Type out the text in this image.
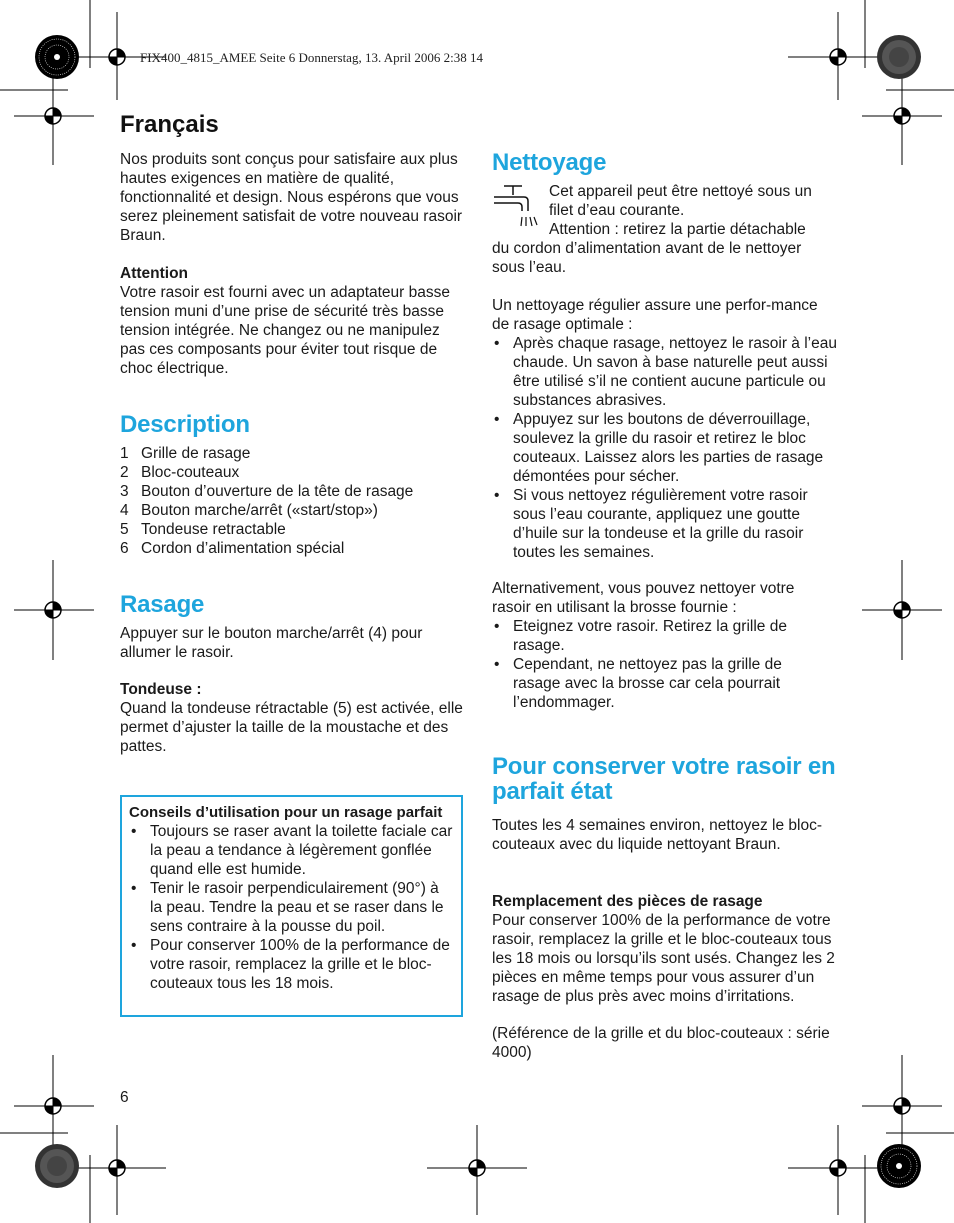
FIX400_4815_AMEE Seite 6 Donnerstag, 13. April 2006 2:38 14
Français

Nos produits sont conçus pour satisfaire aux plus hautes exigences en matière de qualité, fonctionnalité et design. Nous espérons que vous serez pleinement satisfait de votre nouveau rasoir Braun.

Attention

Votre rasoir est fourni avec un adaptateur basse tension muni d’une prise de sécurité très basse tension intégrée. Ne changez ou ne manipulez pas ces composants pour éviter tout risque de choc électrique.

Description
1 Grille de rasage
2 Bloc-couteaux
3 Bouton d’ouverture de la tête de rasage
4 Bouton marche/arrêt («start/stop»)
5 Tondeuse retractable
6 Cordon d’alimentation spécial
Rasage

Appuyer sur le bouton marche/arrêt (4) pour allumer le rasoir.

Tondeuse :

Quand la tondeuse rétractable (5) est activée, elle permet d’ajuster la taille de la moustache et des pattes.

Conseils d’utilisation pour un rasage parfait

• Toujours se raser avant la toilette faciale car la peau a tendance à légèrement gonflée quand elle est humide.
• Tenir le rasoir perpendiculairement (90°) à la peau. Tendre la peau et se raser dans le sens contraire à la pousse du poil.
• Pour conserver 100% de la performance de votre rasoir, remplacez la grille et le bloc-couteaux tous les 18 mois.
6
Nettoyage

Cet appareil peut être nettoyé sous un

filet d’eau courante.

Attention : retirez la partie détachable

du cordon d’alimentation avant de le nettoyer sous l’eau.

Un nettoyage régulier assure une perfor-mance de rasage optimale :

• Après chaque rasage, nettoyez le rasoir à l’eau chaude. Un savon à base naturelle peut aussi être utilisé s’il ne contient aucune particule ou substances abrasives.
• Appuyez sur les boutons de déverrouillage, soulevez la grille du rasoir et retirez le bloc couteaux. Laissez alors les parties de rasage démontées pour sécher.
• Si vous nettoyez régulièrement votre rasoir sous l’eau courante, appliquez une goutte d’huile sur la tondeuse et la grille du rasoir toutes les semaines.

Alternativement, vous pouvez nettoyer votre rasoir en utilisant la brosse fournie :

• Eteignez votre rasoir. Retirez la grille de rasage.
• Cependant, ne nettoyez pas la grille de rasage avec la brosse car cela pourrait l’endommager.
Pour conserver votre rasoir en parfait état

Toutes les 4 semaines environ, nettoyez le bloc-couteaux avec du liquide nettoyant Braun.

Remplacement des pièces de rasage

Pour conserver 100% de la performance de votre rasoir, remplacez la grille et le bloc-couteaux tous les 18 mois ou lorsqu’ils sont usés. Changez les 2 pièces en même temps pour vous assurer d’un rasage de plus près avec moins d’irritations.

(Référence de la grille et du bloc-couteaux : série 4000)
